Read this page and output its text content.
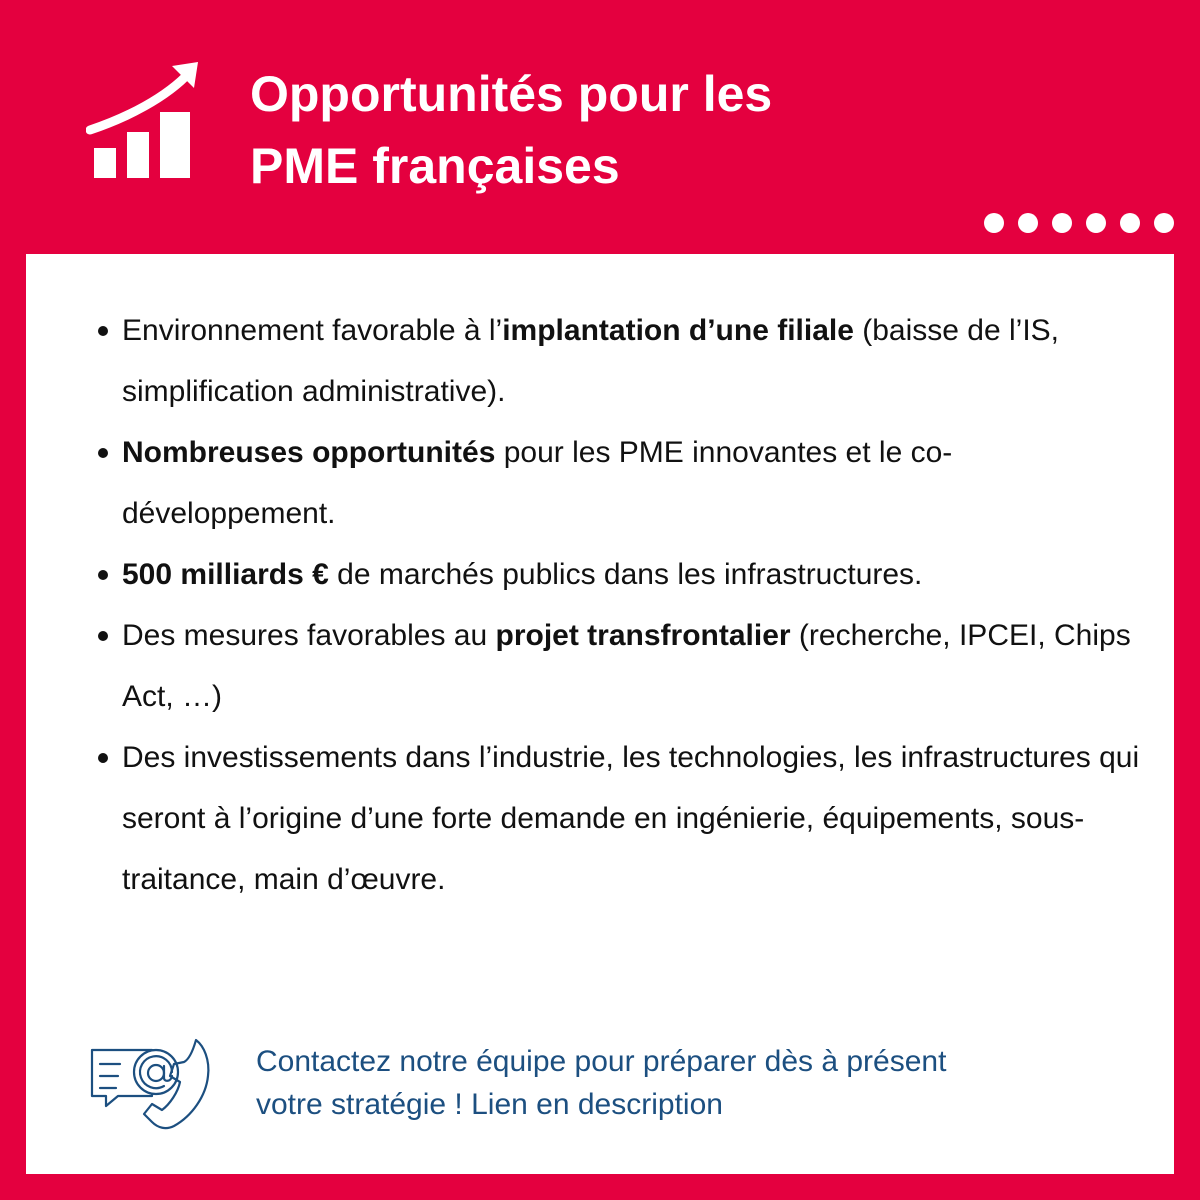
Opportunités pour les
PME françaises
Environnement favorable à l’implantation d’une filiale (baisse de l’IS, simplification administrative).
Nombreuses opportunités pour les PME innovantes et le co-développement.
500 milliards € de marchés publics dans les infrastructures.
Des mesures favorables au projet transfrontalier (recherche, IPCEI, Chips Act, …)
Des investissements dans l’industrie, les technologies, les infrastructures qui seront à l’origine d’une forte demande en ingénierie, équipements, sous-traitance, main d’œuvre.
Contactez notre équipe pour préparer dès à présent
votre stratégie ! Lien en description
